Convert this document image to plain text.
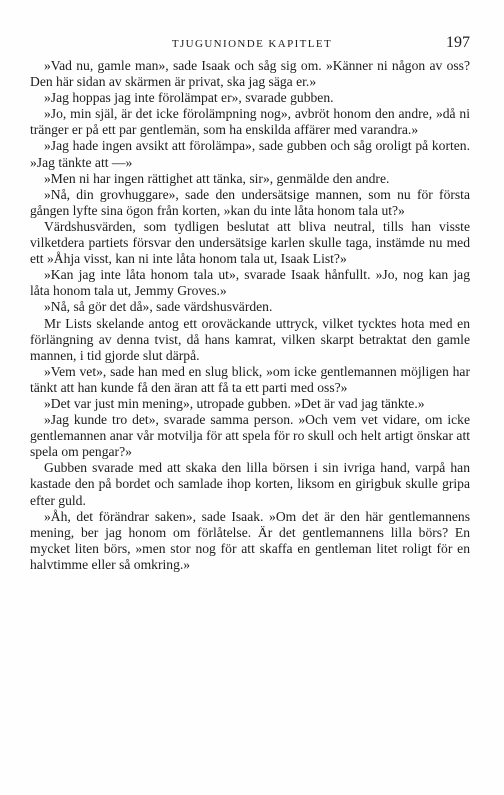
TJUGUNIONDE KAPITLET	197

»Vad nu, gamle man», sade Isaak och såg sig om. »Känner ni någon av oss? Den här sidan av skärmen är privat, ska jag säga er.»

»Jag hoppas jag inte förolämpat er», svarade gubben.

»Jo, min själ, är det icke förolämpning nog», avbröt honom den andre, »då ni tränger er på ett par gentlemän, som ha enskilda affärer med varandra.»

»Jag hade ingen avsikt att förolämpa», sade gubben och såg oroligt på korten. »Jag tänkte att —»

»Men ni har ingen rättighet att tänka, sir», genmälde den andre.

»Nå, din grovhuggare», sade den undersätsige mannen, som nu för första gången lyfte sina ögon från korten, »kan du inte låta honom tala ut?»

Värdshusvärden, som tydligen beslutat att bliva neutral, tills han visste vilketdera partiets försvar den undersätsige karlen skulle taga, instämde nu med ett »Åhja visst, kan ni inte låta honom tala ut, Isaak List?»

»Kan jag inte låta honom tala ut», svarade Isaak hånfullt. »Jo, nog kan jag låta honom tala ut, Jemmy Groves.»

»Nå, så gör det då», sade värdshusvärden.

Mr Lists skelande antog ett oroväckande uttryck, vilket tycktes hota med en förlängning av denna tvist, då hans kamrat, vilken skarpt betraktat den gamle mannen, i tid gjorde slut därpå.

»Vem vet», sade han med en slug blick, »om icke gentlemannen möjligen har tänkt att han kunde få den äran att få ta ett parti med oss?»

»Det var just min mening», utropade gubben. »Det är vad jag tänkte.»

»Jag kunde tro det», svarade samma person. »Och vem vet vidare, om icke gentlemannen anar vår motvilja för att spela för ro skull och helt artigt önskar att spela om pengar?»

Gubben svarade med att skaka den lilla börsen i sin ivriga hand, varpå han kastade den på bordet och samlade ihop korten, liksom en girigbuk skulle gripa efter guld.

»Åh, det förändrar saken», sade Isaak. »Om det är den här gentlemannens mening, ber jag honom om förlåtelse. Är det gentlemannens lilla börs? En mycket liten börs, »men stor nog för att skaffa en gentleman litet roligt för en halvtimme eller så omkring.»
